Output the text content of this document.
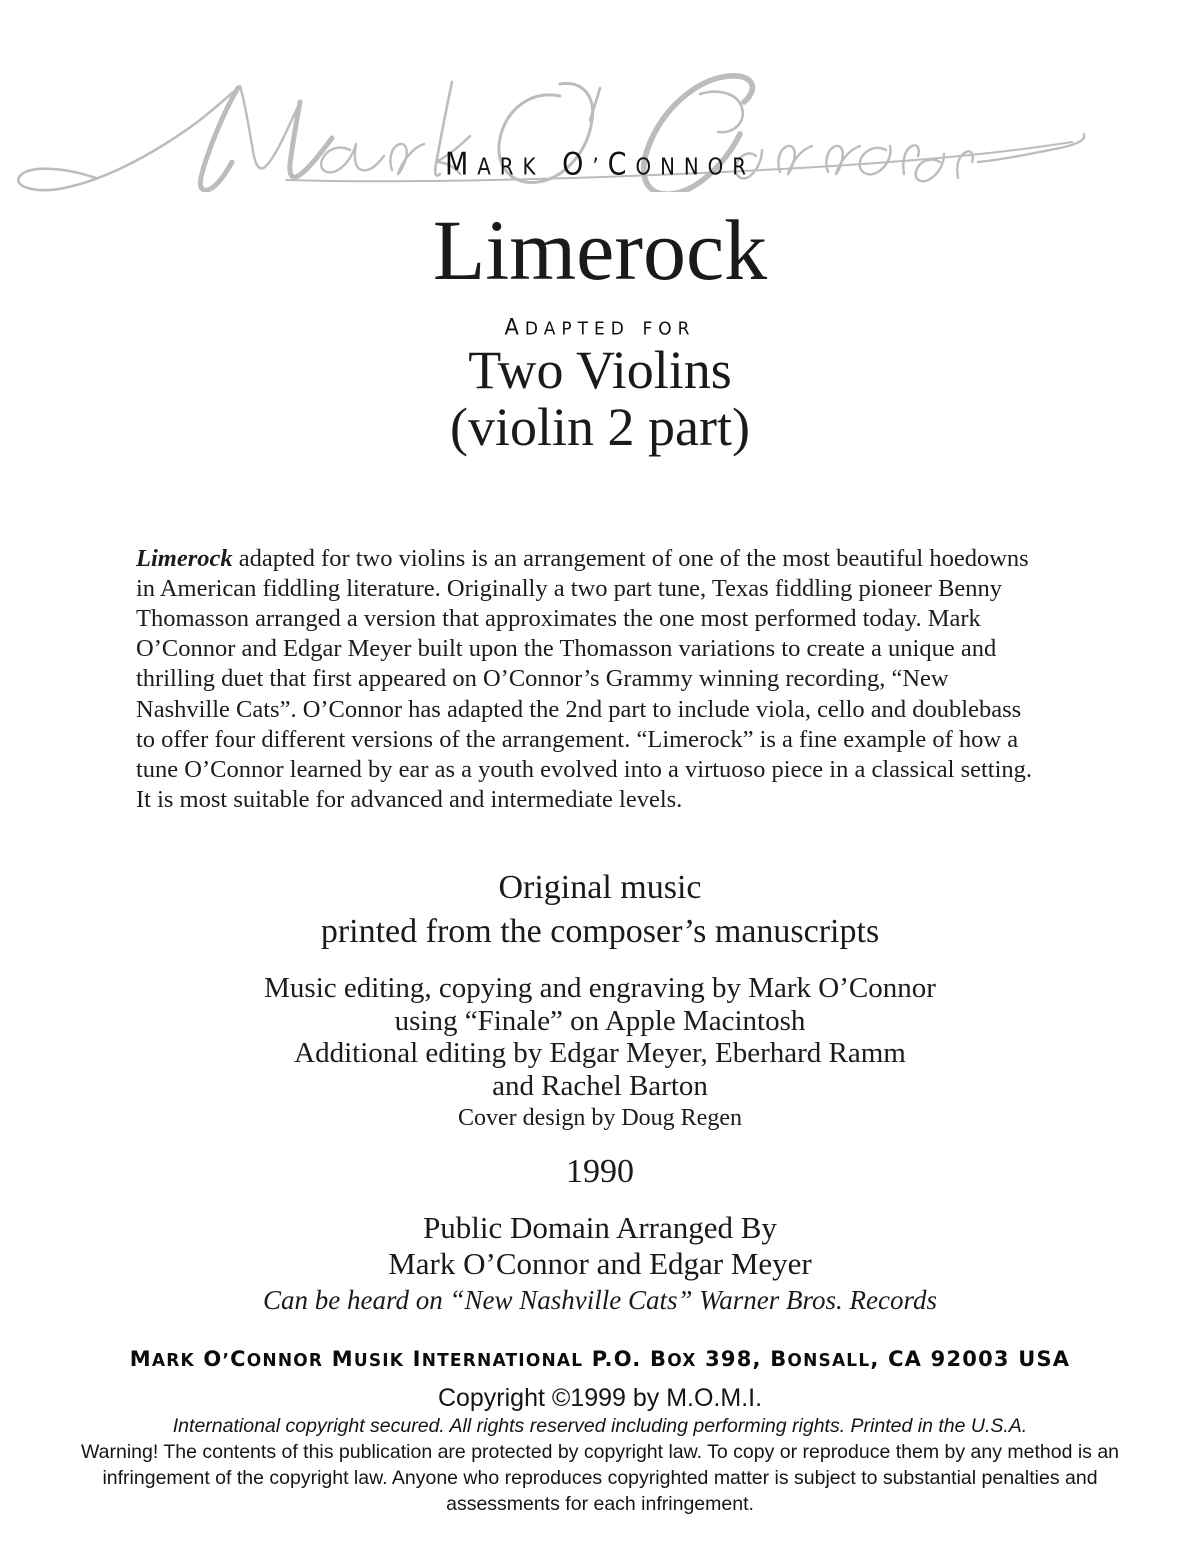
MARK O’CONNOR
Limerock
ADAPTED FOR
Two Violins
(violin 2 part)

Limerock adapted for two violins is an arrangement of one of the most beautiful hoedowns in American fiddling literature. Originally a two part tune, Texas fiddling pioneer Benny Thomasson arranged a version that approximates the one most performed today. Mark O’Connor and Edgar Meyer built upon the Thomasson variations to create a unique and thrilling duet that first appeared on O’Connor’s Grammy winning recording, “New Nashville Cats”. O’Connor has adapted the 2nd part to include viola, cello and doublebass to offer four different versions of the arrangement. “Limerock” is a fine example of how a tune O’Connor learned by ear as a youth evolved into a virtuoso piece in a classical setting. It is most suitable for advanced and intermediate levels.

Original music
printed from the composer’s manuscripts
Music editing, copying and engraving by Mark O’Connor
using “Finale” on Apple Macintosh
Additional editing by Edgar Meyer, Eberhard Ramm
and Rachel Barton
Cover design by Doug Regen
1990
Public Domain Arranged By
Mark O’Connor and Edgar Meyer
Can be heard on “New Nashville Cats” Warner Bros. Records
MARK O’CONNOR MUSIK INTERNATIONAL P.O. BOX 398, BONSALL, CA 92003 USA
Copyright ©1999 by M.O.M.I.
International copyright secured. All rights reserved including performing rights. Printed in the U.S.A.
Warning! The contents of this publication are protected by copyright law. To copy or reproduce them by any method is an infringement of the copyright law. Anyone who reproduces copyrighted matter is subject to substantial penalties and assessments for each infringement.
